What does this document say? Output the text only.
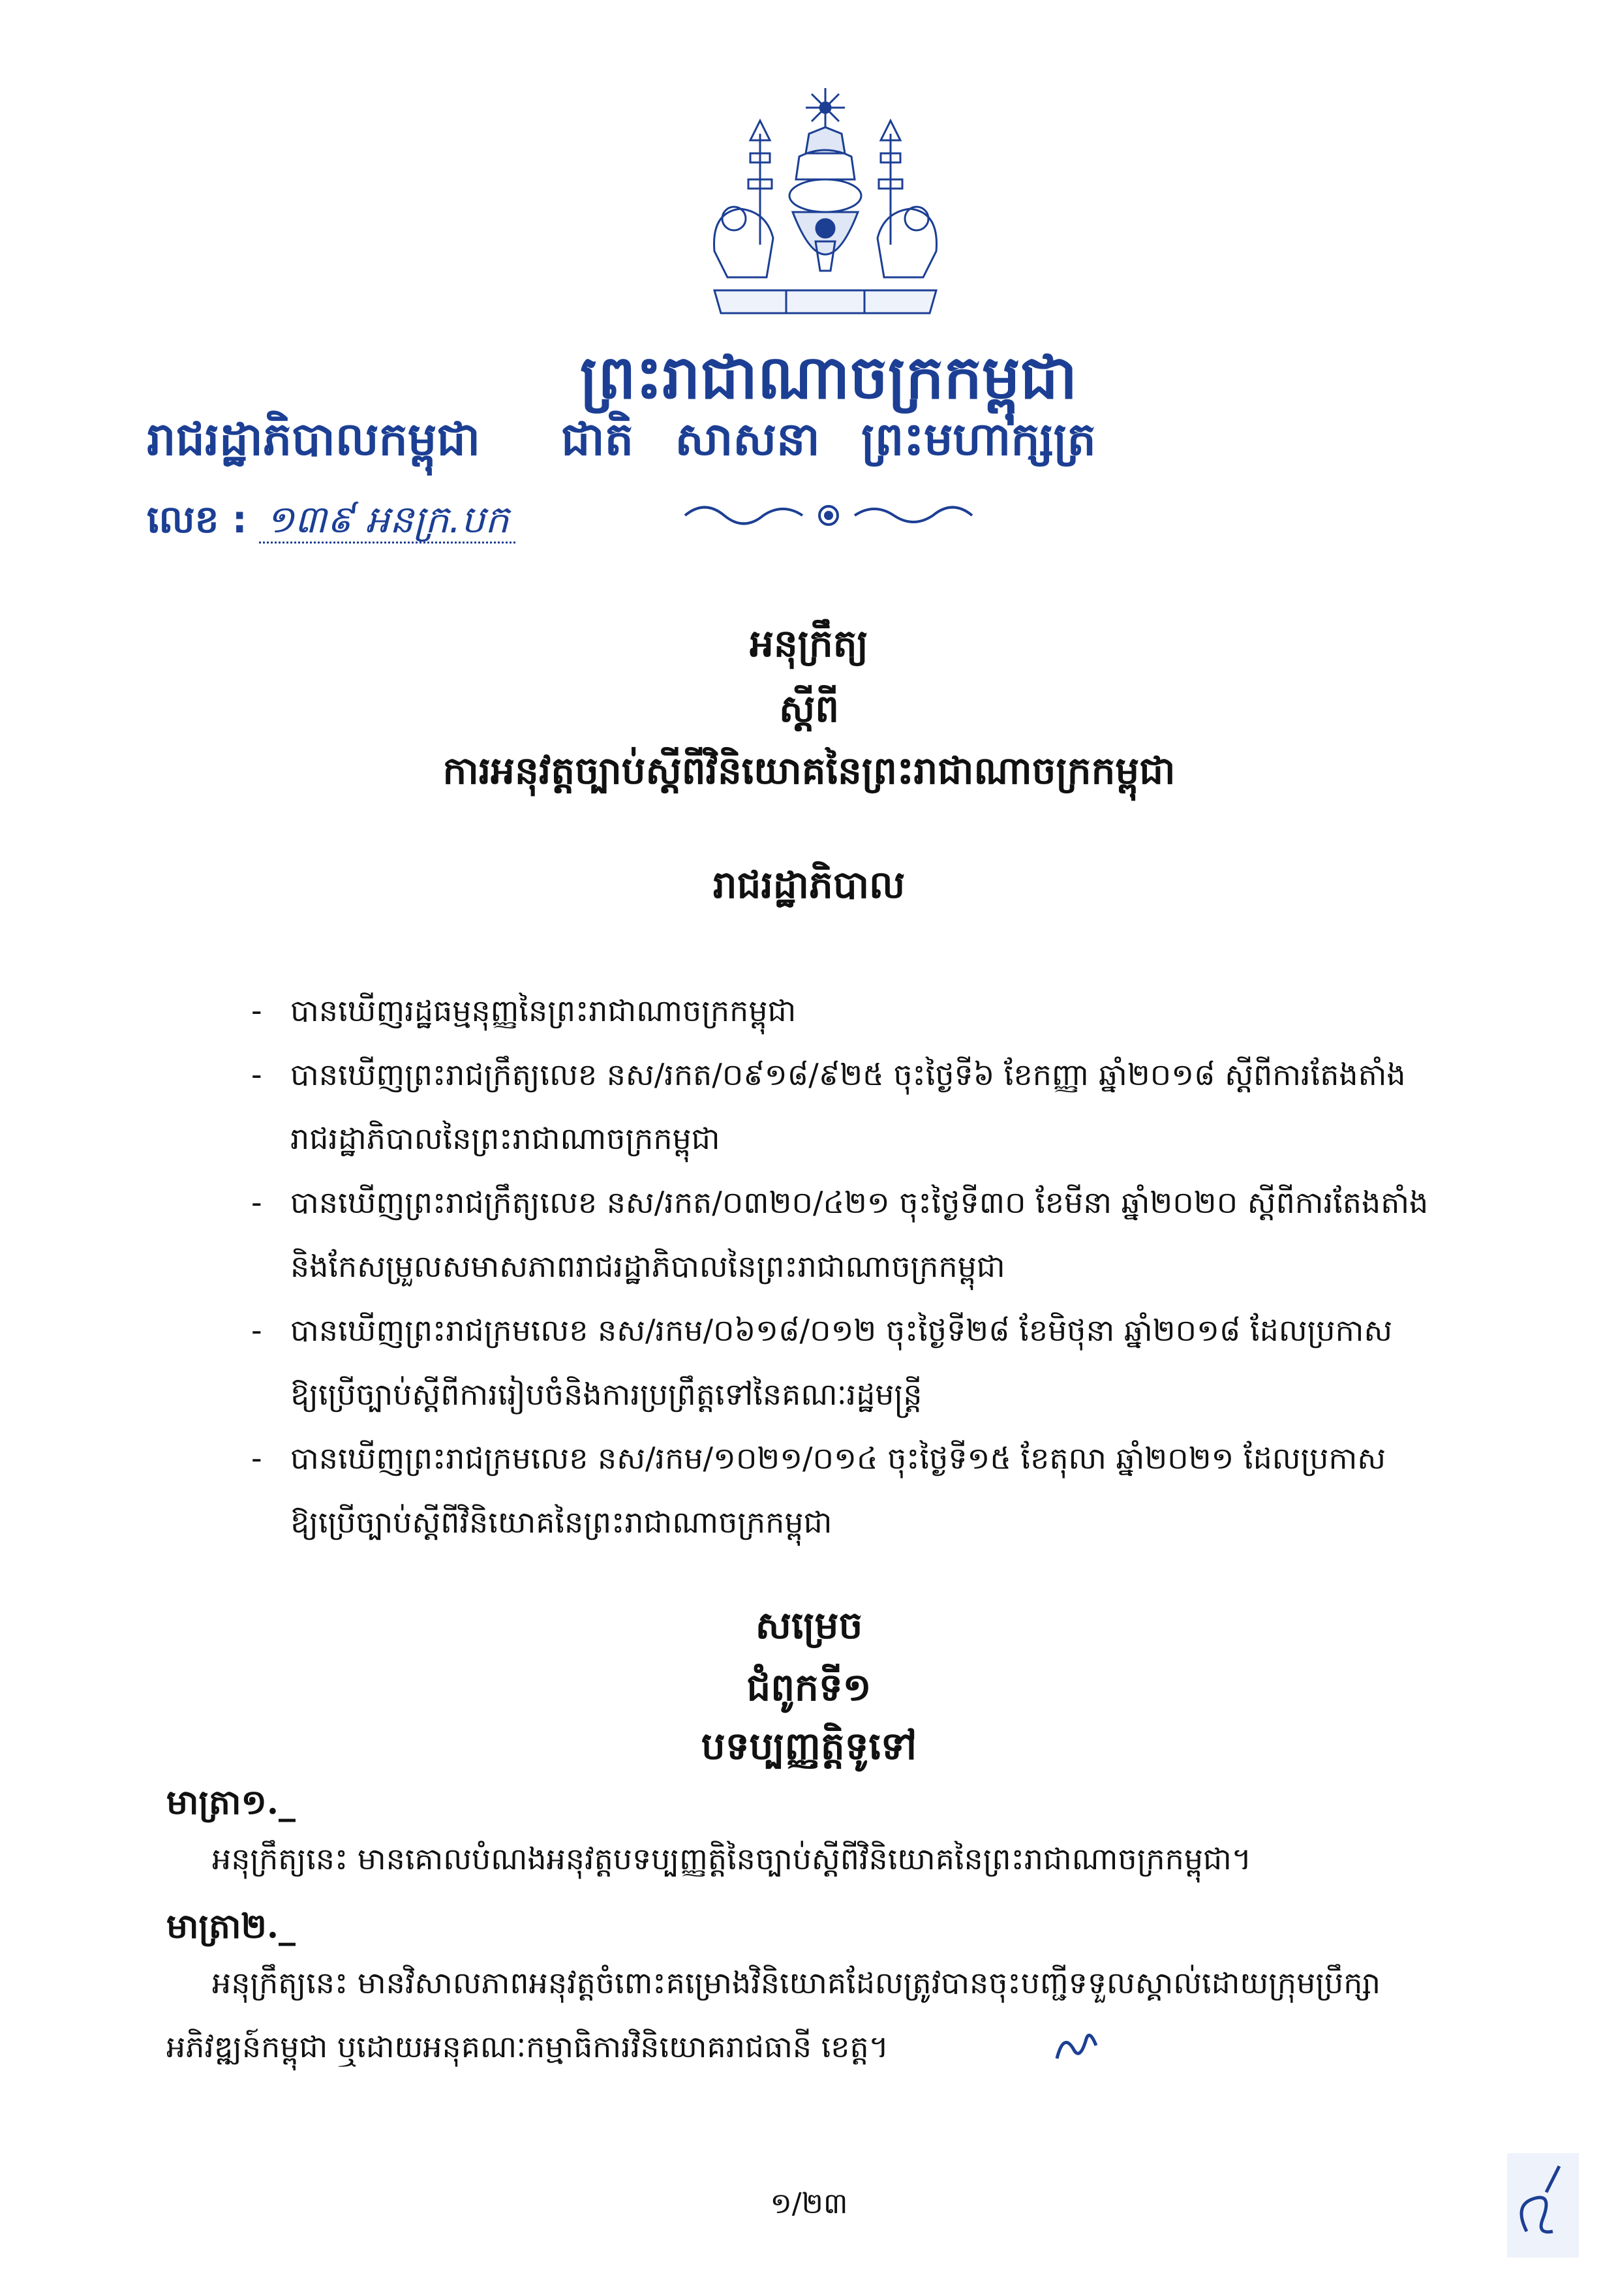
ព្រះរាជាណាចក្រកម្ពុជា
រាជរដ្ឋាភិបាលកម្ពុជា ជាតិ សាសនា ព្រះមហាក្សត្រ
លេខ : ១៣៩ អនក្រ.បក
អនុក្រឹត្យ
ស្តីពី
ការអនុវត្តច្បាប់ស្តីពីវិនិយោគនៃព្រះរាជាណាចក្រកម្ពុជា
រាជរដ្ឋាភិបាល
- បានឃើញរដ្ឋធម្មនុញ្ញនៃព្រះរាជាណាចក្រកម្ពុជា
- បានឃើញព្រះរាជក្រឹត្យលេខ នស/រកត/០៩១៨/៩២៥ ចុះថ្ងៃទី៦ ខែកញ្ញា ឆ្នាំ២០១៨ ស្តីពីការតែងតាំង
រាជរដ្ឋាភិបាលនៃព្រះរាជាណាចក្រកម្ពុជា
- បានឃើញព្រះរាជក្រឹត្យលេខ នស/រកត/០៣២០/៤២១ ចុះថ្ងៃទី៣០ ខែមីនា ឆ្នាំ២០២០ ស្តីពីការតែងតាំង
និងកែសម្រួលសមាសភាពរាជរដ្ឋាភិបាលនៃព្រះរាជាណាចក្រកម្ពុជា
- បានឃើញព្រះរាជក្រមលេខ នស/រកម/០៦១៨/០១២ ចុះថ្ងៃទី២៨ ខែមិថុនា ឆ្នាំ២០១៨ ដែលប្រកាស
ឱ្យប្រើច្បាប់ស្តីពីការរៀបចំនិងការប្រព្រឹត្តទៅនៃគណៈរដ្ឋមន្ត្រី
- បានឃើញព្រះរាជក្រមលេខ នស/រកម/១០២១/០១៤ ចុះថ្ងៃទី១៥ ខែតុលា ឆ្នាំ២០២១ ដែលប្រកាស
ឱ្យប្រើច្បាប់ស្តីពីវិនិយោគនៃព្រះរាជាណាចក្រកម្ពុជា
សម្រេច
ជំពូកទី១
បទប្បញ្ញត្តិទូទៅ
មាត្រា១._
អនុក្រឹត្យនេះ មានគោលបំណងអនុវត្តបទប្បញ្ញត្តិនៃច្បាប់ស្តីពីវិនិយោគនៃព្រះរាជាណាចក្រកម្ពុជា។
មាត្រា២._
អនុក្រឹត្យនេះ មានវិសាលភាពអនុវត្តចំពោះគម្រោងវិនិយោគដែលត្រូវបានចុះបញ្ជីទទួលស្គាល់ដោយក្រុមប្រឹក្សាអភិវឌ្ឍន៍កម្ពុជា ឬដោយអនុគណៈកម្មាធិការវិនិយោគរាជធានី ខេត្ត។
១/២៣
